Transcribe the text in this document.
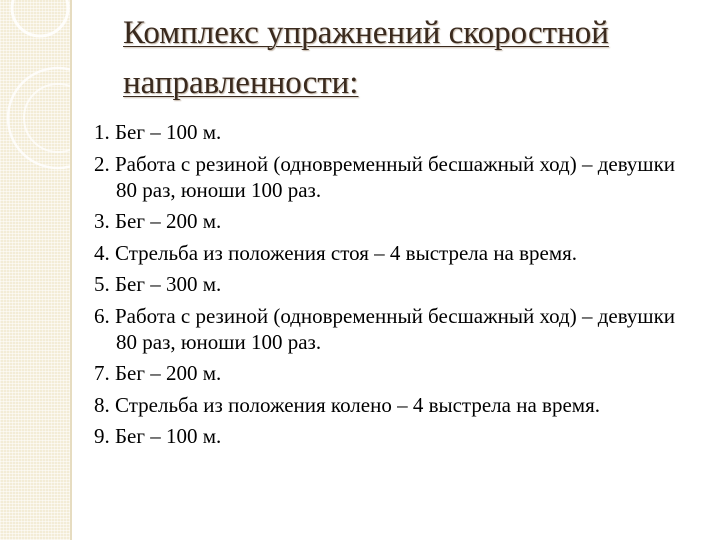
Комплекс упражнений скоростной
направленности:
1. Бег – 100 м.
2. Работа с резиной (одновременный бесшажный ход) – девушки 80 раз, юноши 100 раз.
3. Бег – 200 м.
4. Стрельба из положения стоя – 4 выстрела на время.
5. Бег – 300 м.
6. Работа с резиной (одновременный бесшажный ход) – девушки 80 раз, юноши 100 раз.
7. Бег – 200 м.
8. Стрельба из положения колено – 4 выстрела на время.
9. Бег – 100 м.
